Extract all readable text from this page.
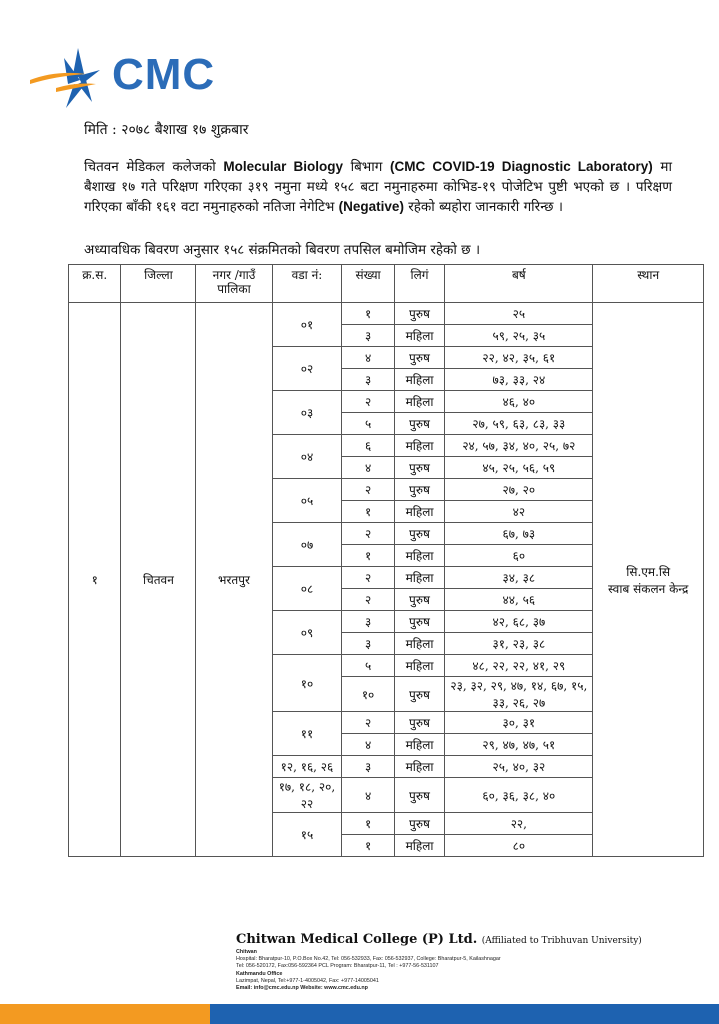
CMC
मिति : २०७८ बैशाख १७ शुक्रबार
चितवन मेडिकल कलेजको Molecular Biology बिभाग (CMC COVID-19 Diagnostic Laboratory) मा बैशाख १७ गते परिक्षण गरिएका ३१९ नमुना मध्ये १५८ बटा नमुनाहरुमा कोभिड-१९ पोजेटिभ पुष्टी भएको छ । परिक्षण गरिएका बाँकी १६१ वटा नमुनाहरुको नतिजा नेगेटिभ (Negative) रहेको ब्यहोरा जानकारी गरिन्छ ।
अध्यावधिक बिवरण अनुसार १५८ संक्रमितको बिवरण तपसिल बमोजिम रहेको छ ।
क्र.स.	जिल्ला	नगर /गाउँ पालिका	वडा नं:	संख्या	लिगं	बर्ष	स्थान
१	चितवन	भरतपुर	०१	१	पुरुष	२५	सि.एम.सि
स्वाब संकलन केन्द्र

				३	महिला	५९, २५, ३५	
			०२	४	पुरुष	२२, ४२, ३५, ६१	
				३	महिला	७३, ३३, २४	
			०३	२	महिला	४६, ४०	
				५	पुरुष	२७, ५९, ६३, ८३, ३३	
			०४	६	महिला	२४, ५७, ३४, ४०, २५, ७२	
				४	पुरुष	४५, २५, ५६, ५९	
			०५	२	पुरुष	२७, २०	
				१	महिला	४२	
			०७	२	पुरुष	६७, ७३	
				१	महिला	६०	
			०८	२	महिला	३४, ३८	
				२	पुरुष	४४, ५६	
			०९	३	पुरुष	४२, ६८, ३७	
				३	महिला	३१, २३, ३८	
			१०	५	महिला	४८, २२, २२, ४१, २९	
				१०	पुरुष	२३, ३२, २९, ४७, १४, ६७, १५, ३३, २६, २७	
			११	२	पुरुष	३०, ३१	
				४	महिला	२९, ४७, ४७, ५१	
			१२, १६, २६	३	महिला	२५, ४०, ३२	
			१७, १८, २०, २२	४	पुरुष	६०, ३६, ३८, ४०	
			१५	१	पुरुष	२२,	
				१	महिला	८०	
Chitwan Medical College (P) Ltd. (Affiliated to Tribhuvan University)
Chitwan
Hospital: Bharatpur-10, P.O.Box No.42, Tel: 056-532933, Fax: 056-532937, College: Bharatpur-5, Kailashnagar
Tel: 056-520172, Fax:056-592364 PCL Program: Bharatpur-11, Tel : +977-56-531107
Kathmandu Office
Lazimpat, Nepal, Tel:+977-1-4005042, Fax: +977-14005041
Email: info@cmc.edu.np Website: www.cmc.edu.np
